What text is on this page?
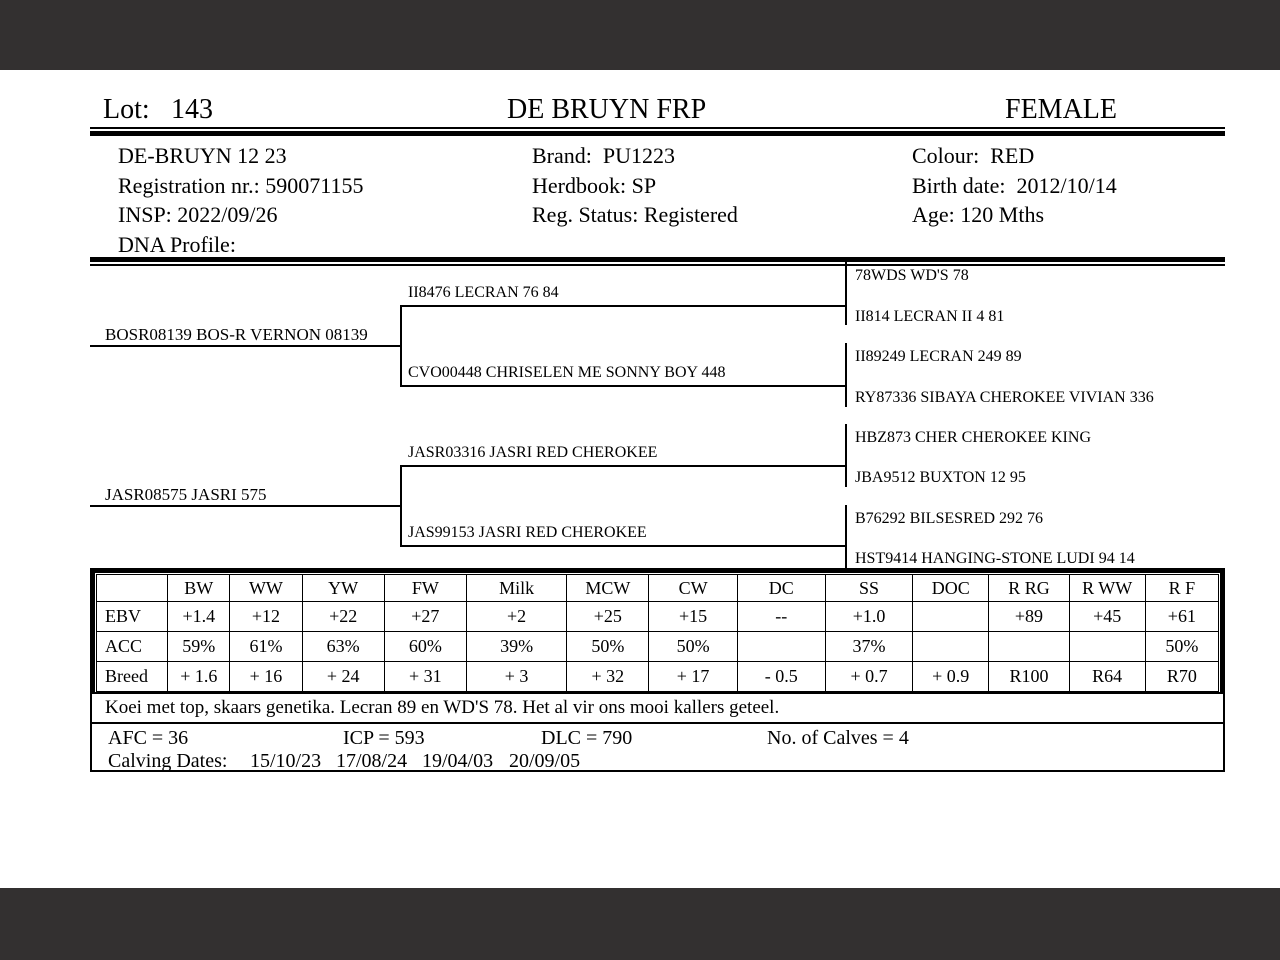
Lot: 143	DE BRUYN FRP	FEMALE
DE-BRUYN 12 23
Registration nr.: 590071155
INSP: 2022/09/26
DNA Profile:
Brand:  PU1223
Herdbook: SP
Reg. Status: Registered
Colour:  RED
Birth date:  2012/10/14
Age: 120 Mths
BOSR08139 BOS-R VERNON 08139
JASR08575 JASRI 575
II8476 LECRAN 76 84
CVO00448 CHRISELEN ME SONNY BOY 448
JASR03316 JASRI RED CHEROKEE
JAS99153 JASRI RED CHEROKEE
78WDS WD'S 78
II814 LECRAN II 4 81
II89249 LECRAN 249 89
RY87336 SIBAYA CHEROKEE VIVIAN 336
HBZ873 CHER CHEROKEE KING
JBA9512 BUXTON 12 95
B76292 BILSESRED 292 76
HST9414 HANGING-STONE LUDI 94 14
	BW	WW	YW	FW	Milk	MCW	CW	DC	SS	DOC	R RG	R WW	R F
EBV	+1.4	+12	+22	+27	+2	+25	+15	--	+1.0		+89	+45	+61
ACC	59%	61%	63%	60%	39%	50%	50%		37%				50%
Breed	+ 1.6	+ 16	+ 24	+ 31	+ 3	+ 32	+ 17	- 0.5	+ 0.7	+ 0.9	R100	R64	R70
Koei met top, skaars genetika. Lecran 89 en WD'S 78. Het al vir ons mooi kallers geteel.
AFC = 36	ICP = 593	DLC = 790	No. of Calves = 4
Calving Dates: 15/10/23 17/08/24 19/04/03 20/09/05
